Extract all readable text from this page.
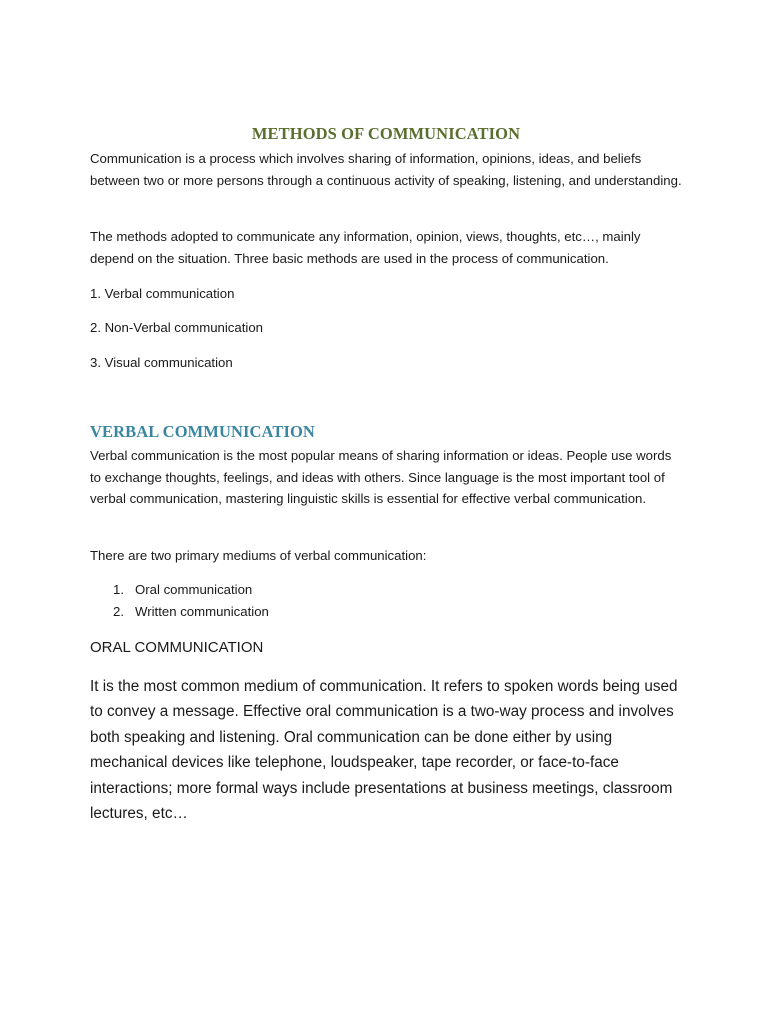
METHODS OF COMMUNICATION

Communication is a process which involves sharing of information, opinions, ideas, and beliefs between two or more persons through a continuous activity of speaking, listening, and understanding.

The methods adopted to communicate any information, opinion, views, thoughts, etc…, mainly depend on the situation. Three basic methods are used in the process of communication.

1. Verbal communication

2. Non-Verbal communication

3. Visual communication

VERBAL COMMUNICATION

Verbal communication is the most popular means of sharing information or ideas. People use words to exchange thoughts, feelings, and ideas with others. Since language is the most important tool of verbal communication, mastering linguistic skills is essential for effective verbal communication.

There are two primary mediums of verbal communication:

1. Oral communication
2. Written communication
ORAL COMMUNICATION

It is the most common medium of communication. It refers to spoken words being used to convey a message. Effective oral communication is a two-way process and involves both speaking and listening. Oral communication can be done either by using mechanical devices like telephone, loudspeaker, tape recorder, or face-to-face interactions; more formal ways include presentations at business meetings, classroom lectures, etc…
